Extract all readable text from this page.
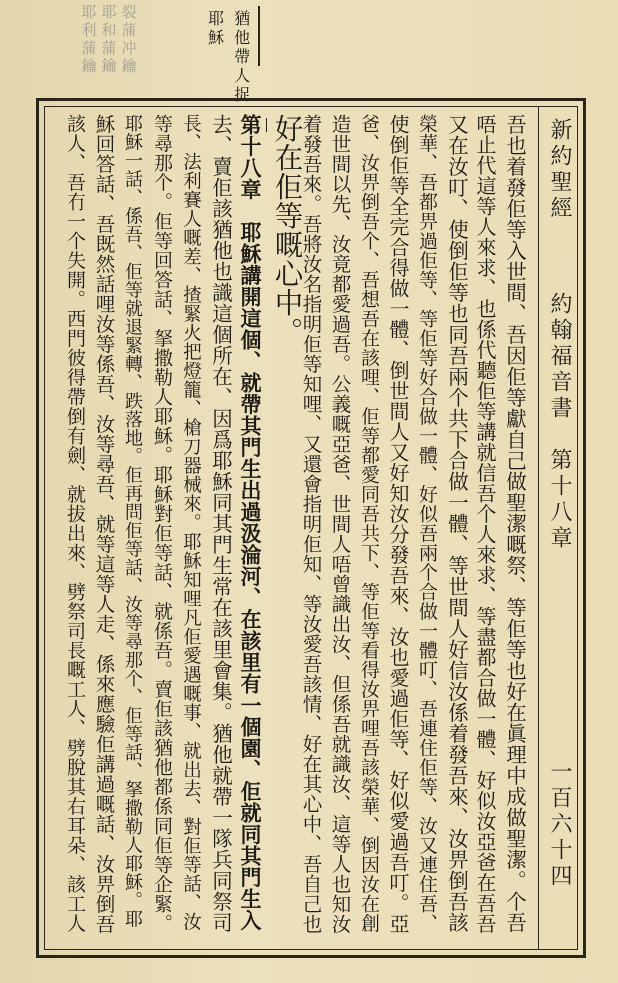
裂蒲冲鑰
耶和蒲鑰
耶利蒲鑰	猶他帶人捉
耶穌
新約聖經
約翰福音書　第十八章
一百六十四
吾也着發佢等入世間、吾因佢等獻自己做聖潔嘅祭、等佢等也好在眞理中成做聖潔。个吾
唔止代這等人來求、也係代聽佢等講就信吾个人來求、等盡都合做一體、好似汝亞爸在吾吾
又在汝叮、使倒佢等也同吾兩个共下合做一體、等世間人好信汝係着發吾來、汝畀倒吾該
榮華、吾都畀過佢等、等佢等好合做一體、好似吾兩个合做一體叮、吾連住佢等、汝又連住吾、
使倒佢等全完合得做一體、倒世間人又好知汝分發吾來、汝也愛過佢等、好似愛過吾叮。亞
爸、汝畀倒吾个、吾想吾在該哩、佢等都愛同吾共下、等佢等看得汝畀哩吾該榮華、倒因汝在創
造世間以先、汝竟都愛過吾。公義嘅亞爸、世間人唔曾識出汝、但係吾就識汝、這等人也知汝
着發吾來。吾將汝名指明佢等知哩、又還會指明佢知、等汝愛吾該情、好在其心中、吾自己也
好在佢等嘅心中。
第十八章　耶穌講開這個、就帶其門生出過汲淪河、在該里有一個園、佢就同其門生入
去、賣佢該猶他也識這個所在、因爲耶穌同其門生常在該里會集。猶他就帶一隊兵同祭司
長、法利賽人嘅差、揸緊火把燈籠、槍刀器械來。耶穌知哩凡佢愛遇嘅事、就出去、對佢等話、汝
等尋那个。佢等回答話、拏撒勒人耶穌。耶穌對佢等話、就係吾。賣佢該猶他都係同佢等企緊。
耶穌一話、係吾、佢等就退緊轉、跌落地。佢再問佢等話、汝等尋那个、佢等話、拏撒勒人耶穌。耶
穌回答話、吾既然話哩汝等係吾、汝等尋吾、就等這等人走、係來應驗佢講過嘅話、汝畀倒吾
該人、吾冇一个失開。西門彼得帶倒有劍、就拔出來、劈祭司長嘅工人、劈脫其右耳朵、該工人
